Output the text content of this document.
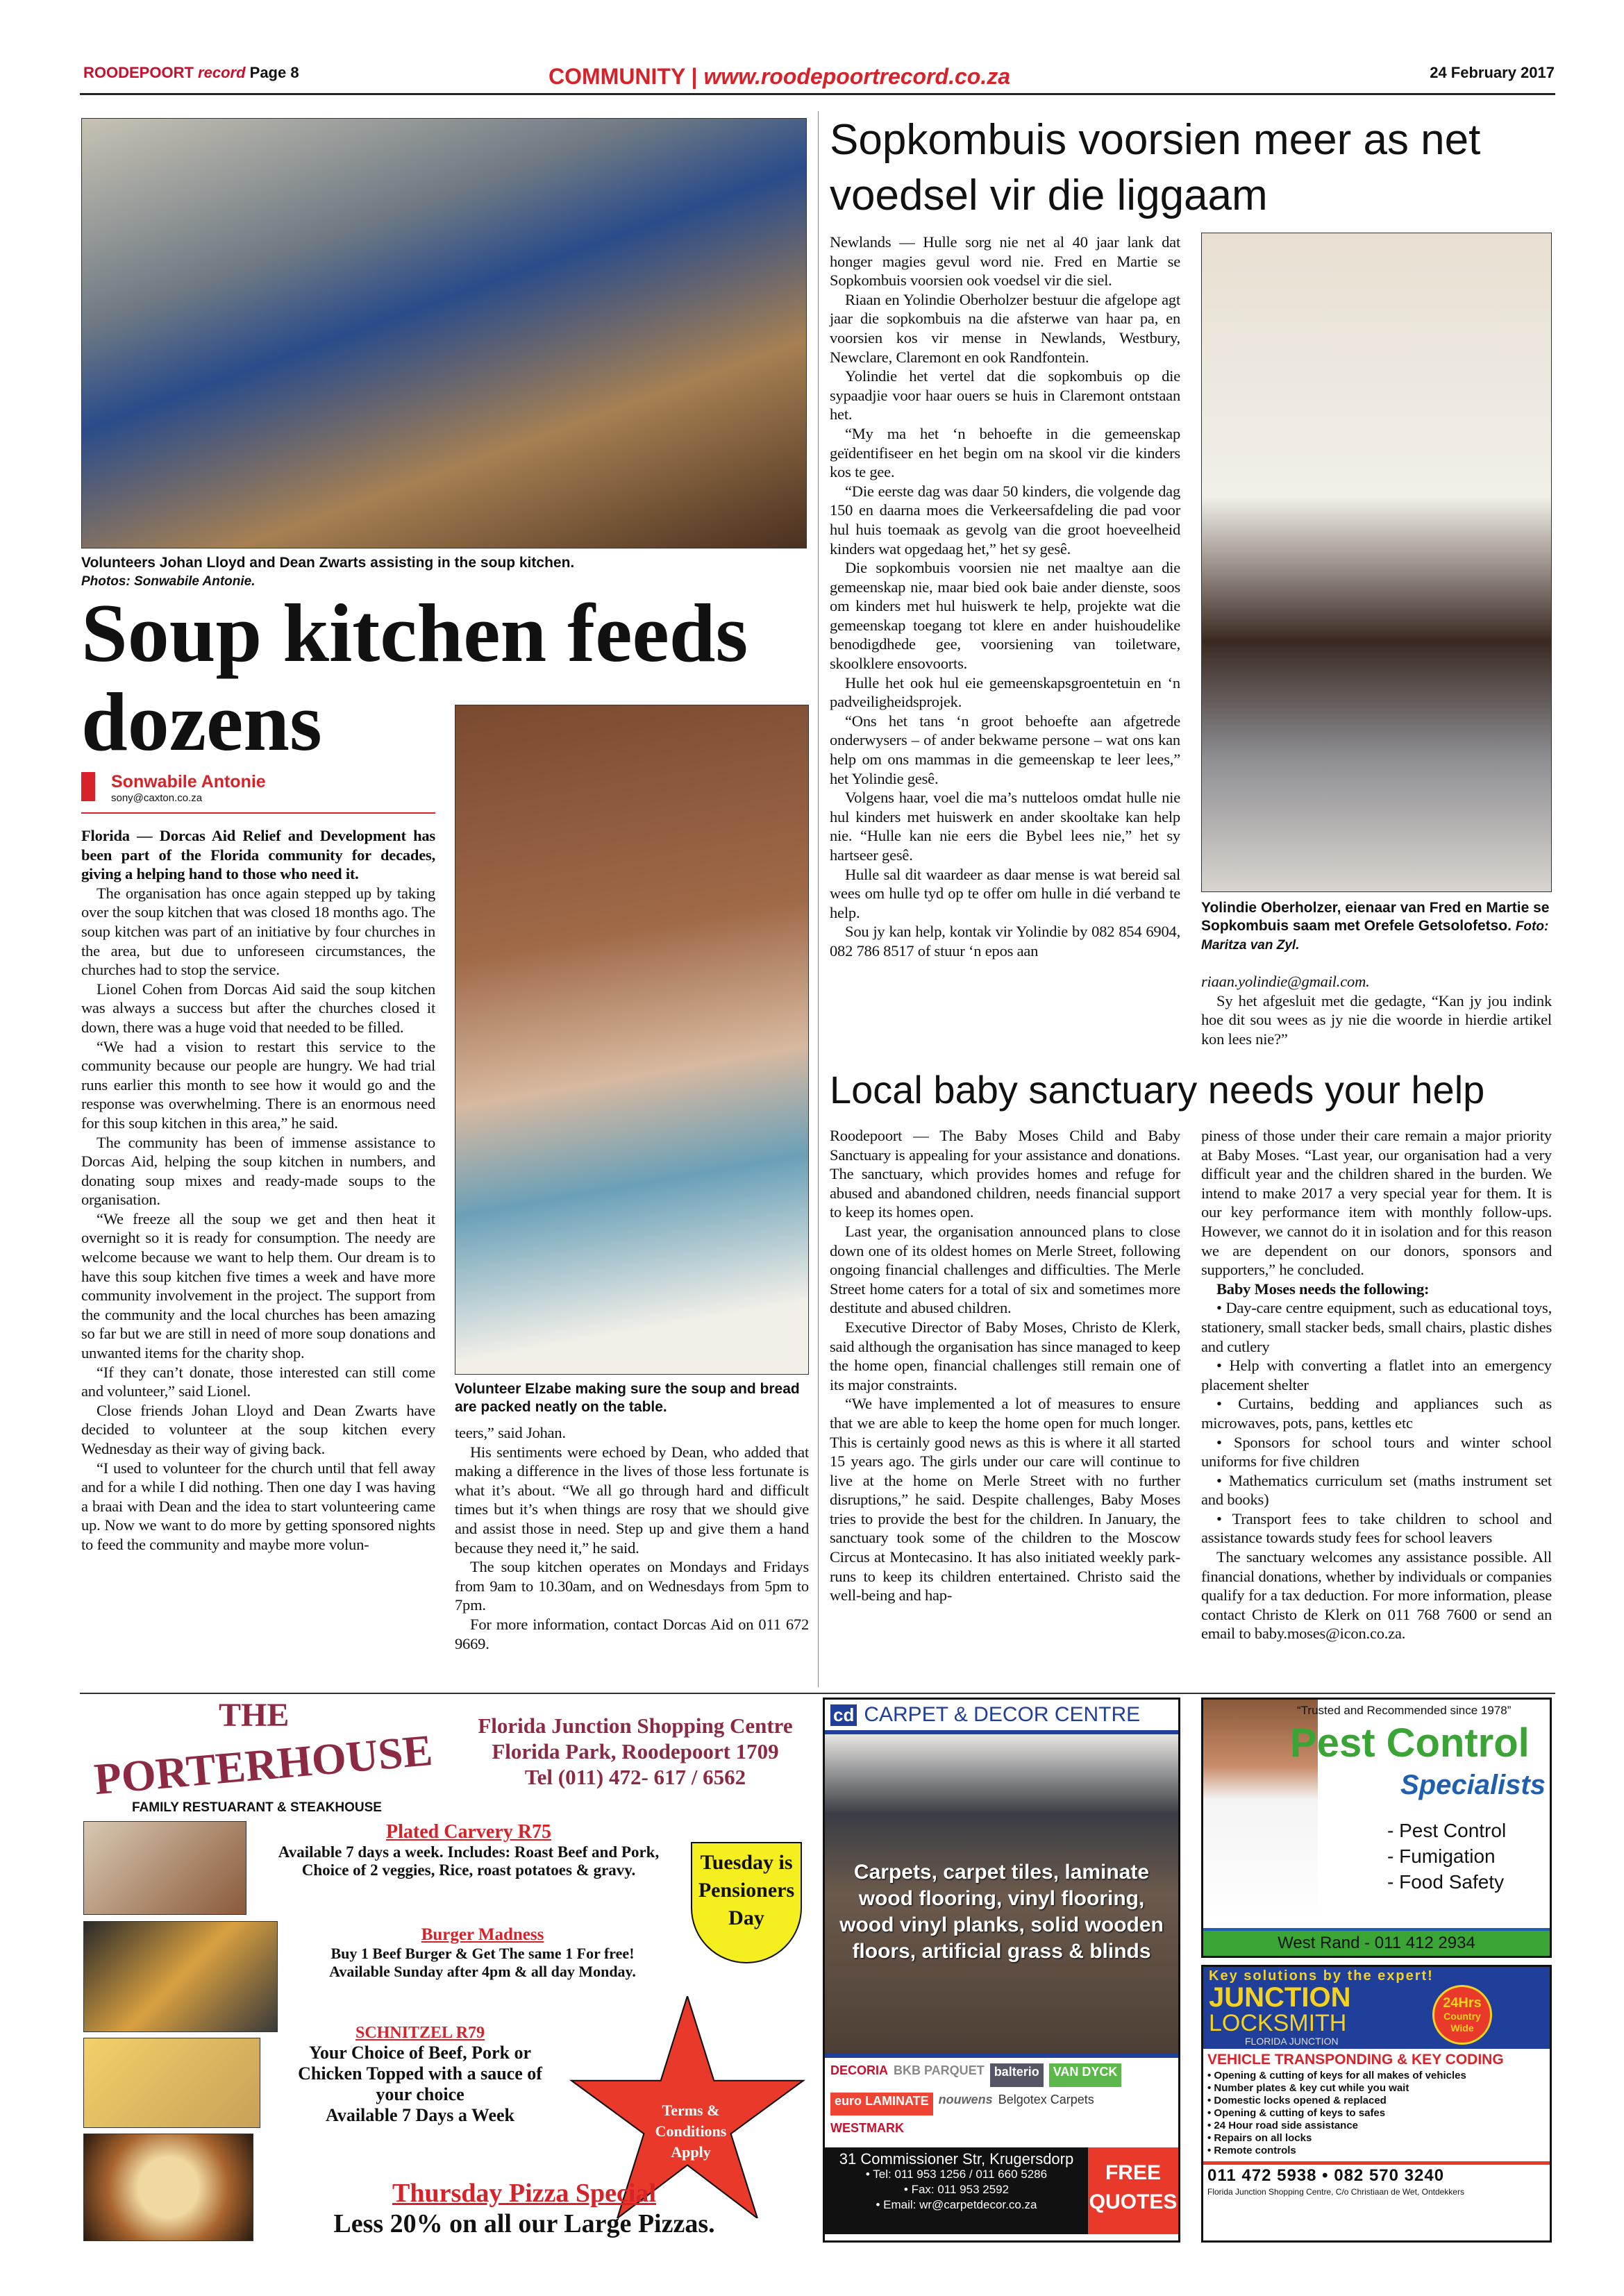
ROODEPOORT record Page 8	COMMUNITY | www.roodepoortrecord.co.za	24 February 2017
Volunteers Johan Lloyd and Dean Zwarts assisting in the soup kitchen.
Photos: Sonwabile Antonie.
Soup kitchen feeds dozens
Sonwabile Antonie
sony@caxton.co.za

Florida — Dorcas Aid Relief and Development has been part of the Florida community for decades, giving a helping hand to those who need it.

The organisation has once again stepped up by taking over the soup kitchen that was closed 18 months ago. The soup kitchen was part of an initiative by four churches in the area, but due to unforeseen circumstances, the churches had to stop the service.

Lionel Cohen from Dorcas Aid said the soup kitchen was always a success but after the churches closed it down, there was a huge void that needed to be filled.

“We had a vision to restart this service to the community because our people are hungry. We had trial runs earlier this month to see how it would go and the response was overwhelming. There is an enormous need for this soup kitchen in this area,” he said.

The community has been of immense assistance to Dorcas Aid, helping the soup kitchen in numbers, and donating soup mixes and ready-made soups to the organisation.

“We freeze all the soup we get and then heat it overnight so it is ready for consumption. The needy are welcome because we want to help them. Our dream is to have this soup kitchen five times a week and have more community involvement in the project. The support from the community and the local churches has been amazing so far but we are still in need of more soup donations and unwanted items for the charity shop.

“If they can’t donate, those interested can still come and volunteer,” said Lionel.

Close friends Johan Lloyd and Dean Zwarts have decided to volunteer at the soup kitchen every Wednesday as their way of giving back.

“I used to volunteer for the church until that fell away and for a while I did nothing. Then one day I was having a braai with Dean and the idea to start volunteering came up. Now we want to do more by getting sponsored nights to feed the community and maybe more volun-

Volunteer Elzabe making sure the soup and bread are packed neatly on the table.

teers,” said Johan.

His sentiments were echoed by Dean, who added that making a difference in the lives of those less fortunate is what it’s about. “We all go through hard and difficult times but it’s when things are rosy that we should give and assist those in need. Step up and give them a hand because they need it,” he said.

The soup kitchen operates on Mondays and Fridays from 9am to 10.30am, and on Wednesdays from 5pm to 7pm.

For more information, contact Dorcas Aid on 011 672 9669.

Sopkombuis voorsien meer as net voedsel vir die liggaam

Newlands — Hulle sorg nie net al 40 jaar lank dat honger magies gevul word nie. Fred en Martie se Sopkombuis voorsien ook voedsel vir die siel.

Riaan en Yolindie Oberholzer bestuur die afgelope agt jaar die sopkombuis na die afsterwe van haar pa, en voorsien kos vir mense in Newlands, Westbury, Newclare, Claremont en ook Randfontein.

Yolindie het vertel dat die sopkombuis op die sypaadjie voor haar ouers se huis in Claremont ontstaan het.

“My ma het ‘n behoefte in die gemeenskap geïdentifiseer en het begin om na skool vir die kinders kos te gee.

“Die eerste dag was daar 50 kinders, die volgende dag 150 en daarna moes die Verkeersafdeling die pad voor hul huis toemaak as gevolg van die groot hoeveelheid kinders wat opgedaag het,” het sy gesê.

Die sopkombuis voorsien nie net maaltye aan die gemeenskap nie, maar bied ook baie ander dienste, soos om kinders met hul huiswerk te help, projekte wat die gemeenskap toegang tot klere en ander huishoudelike benodigdhede gee, voorsiening van toiletware, skoolklere ensovoorts.

Hulle het ook hul eie gemeenskapsgroentetuin en ‘n padveiligheidsprojek.

“Ons het tans ‘n groot behoefte aan afgetrede onderwysers – of ander bekwame persone – wat ons kan help om ons mammas in die gemeenskap te leer lees,” het Yolindie gesê.

Volgens haar, voel die ma’s nutteloos omdat hulle nie hul kinders met huiswerk en ander skooltake kan help nie. “Hulle kan nie eers die Bybel lees nie,” het sy hartseer gesê.

Hulle sal dit waardeer as daar mense is wat bereid sal wees om hulle tyd op te offer om hulle in dié verband te help.

Sou jy kan help, kontak vir Yolindie by 082 854 6904, 082 786 8517 of stuur ‘n epos aan

Yolindie Oberholzer, eienaar van Fred en Martie se Sopkombuis saam met Orefele Getsolofetso. Foto: Maritza van Zyl.

riaan.yolindie@gmail.com.

Sy het afgesluit met die gedagte, “Kan jy jou indink hoe dit sou wees as jy nie die woorde in hierdie artikel kon lees nie?”

Local baby sanctuary needs your help

Roodepoort — The Baby Moses Child and Baby Sanctuary is appealing for your assistance and donations. The sanctuary, which provides homes and refuge for abused and abandoned children, needs financial support to keep its homes open.

Last year, the organisation announced plans to close down one of its oldest homes on Merle Street, following ongoing financial challenges and difficulties. The Merle Street home caters for a total of six and sometimes more destitute and abused children.

Executive Director of Baby Moses, Christo de Klerk, said although the organisation has since managed to keep the home open, financial challenges still remain one of its major constraints.

“We have implemented a lot of measures to ensure that we are able to keep the home open for much longer. This is certainly good news as this is where it all started 15 years ago. The girls under our care will continue to live at the home on Merle Street with no further disruptions,” he said. Despite challenges, Baby Moses tries to provide the best for the children. In January, the sanctuary took some of the children to the Moscow Circus at Montecasino. It has also initiated weekly park-runs to keep its children entertained. Christo said the well-being and hap-

piness of those under their care remain a major priority at Baby Moses. “Last year, our organisation had a very difficult year and the children shared in the burden. We intend to make 2017 a very special year for them. It is our key performance item with monthly follow-ups. However, we cannot do it in isolation and for this reason we are dependent on our donors, sponsors and supporters,” he concluded.

Baby Moses needs the following:

• Day-care centre equipment, such as educational toys, stationery, small stacker beds, small chairs, plastic dishes and cutlery

• Help with converting a flatlet into an emergency placement shelter

• Curtains, bedding and appliances such as microwaves, pots, pans, kettles etc

• Sponsors for school tours and winter school uniforms for five children

• Mathematics curriculum set (maths instrument set and books)

• Transport fees to take children to school and assistance towards study fees for school leavers

The sanctuary welcomes any assistance possible. All financial donations, whether by individuals or companies qualify for a tax deduction. For more information, please contact Christo de Klerk on 011 768 7600 or send an email to baby.moses@icon.co.za.

THE
PORTERHOUSE
FAMILY RESTUARANT & STEAKHOUSE
Florida Junction Shopping Centre
Florida Park, Roodepoort 1709
Tel (011) 472- 617 / 6562
Plated Carvery R75
Available 7 days a week. Includes: Roast Beef and Pork,
Choice of 2 veggies, Rice, roast potatoes & gravy.	Tuesday is Pensioners Day
Burger Madness
Buy 1 Beef Burger & Get The same 1 For free!
Available Sunday after 4pm & all day Monday.
Terms & Conditions Apply
SCHNITZEL R79
Your Choice of Beef, Pork or
Chicken Topped with a sauce of
your choice
Available 7 Days a Week
Thursday Pizza Special
Less 20% on all our Large Pizzas.
cd CARPET & DECOR CENTRE
Carpets, carpet tiles, laminate wood flooring, vinyl flooring, wood vinyl planks, solid wooden floors, artificial grass & blinds
DECORIA BKB PARQUET balterio	VAN DYCK
euro LAMINATE nouwens Belgotex Carpets
WESTMARK
31 Commissioner Str, Krugersdorp
• Tel: 011 953 1256 / 011 660 5286
• Fax: 011 953 2592
• Email: wr@carpetdecor.co.za
FREE
QUOTES
“Trusted and Recommended since 1978”
Pest Control
Specialists
- Pest Control
- Fumigation
- Food Safety
West Rand - 011 412 2934
Key solutions by the expert!
JUNCTION
LOCKSMITH
FLORIDA JUNCTION
24Hrs
Country
Wide
VEHICLE TRANSPONDING & KEY CODING
• Opening & cutting of keys for all makes of vehicles
• Number plates & key cut while you wait
• Domestic locks opened & replaced
• Opening & cutting of keys to safes
• 24 Hour road side assistance
• Repairs on all locks
• Remote controls
011 472 5938 • 082 570 3240
Florida Junction Shopping Centre, C/o Christiaan de Wet, Ontdekkers
